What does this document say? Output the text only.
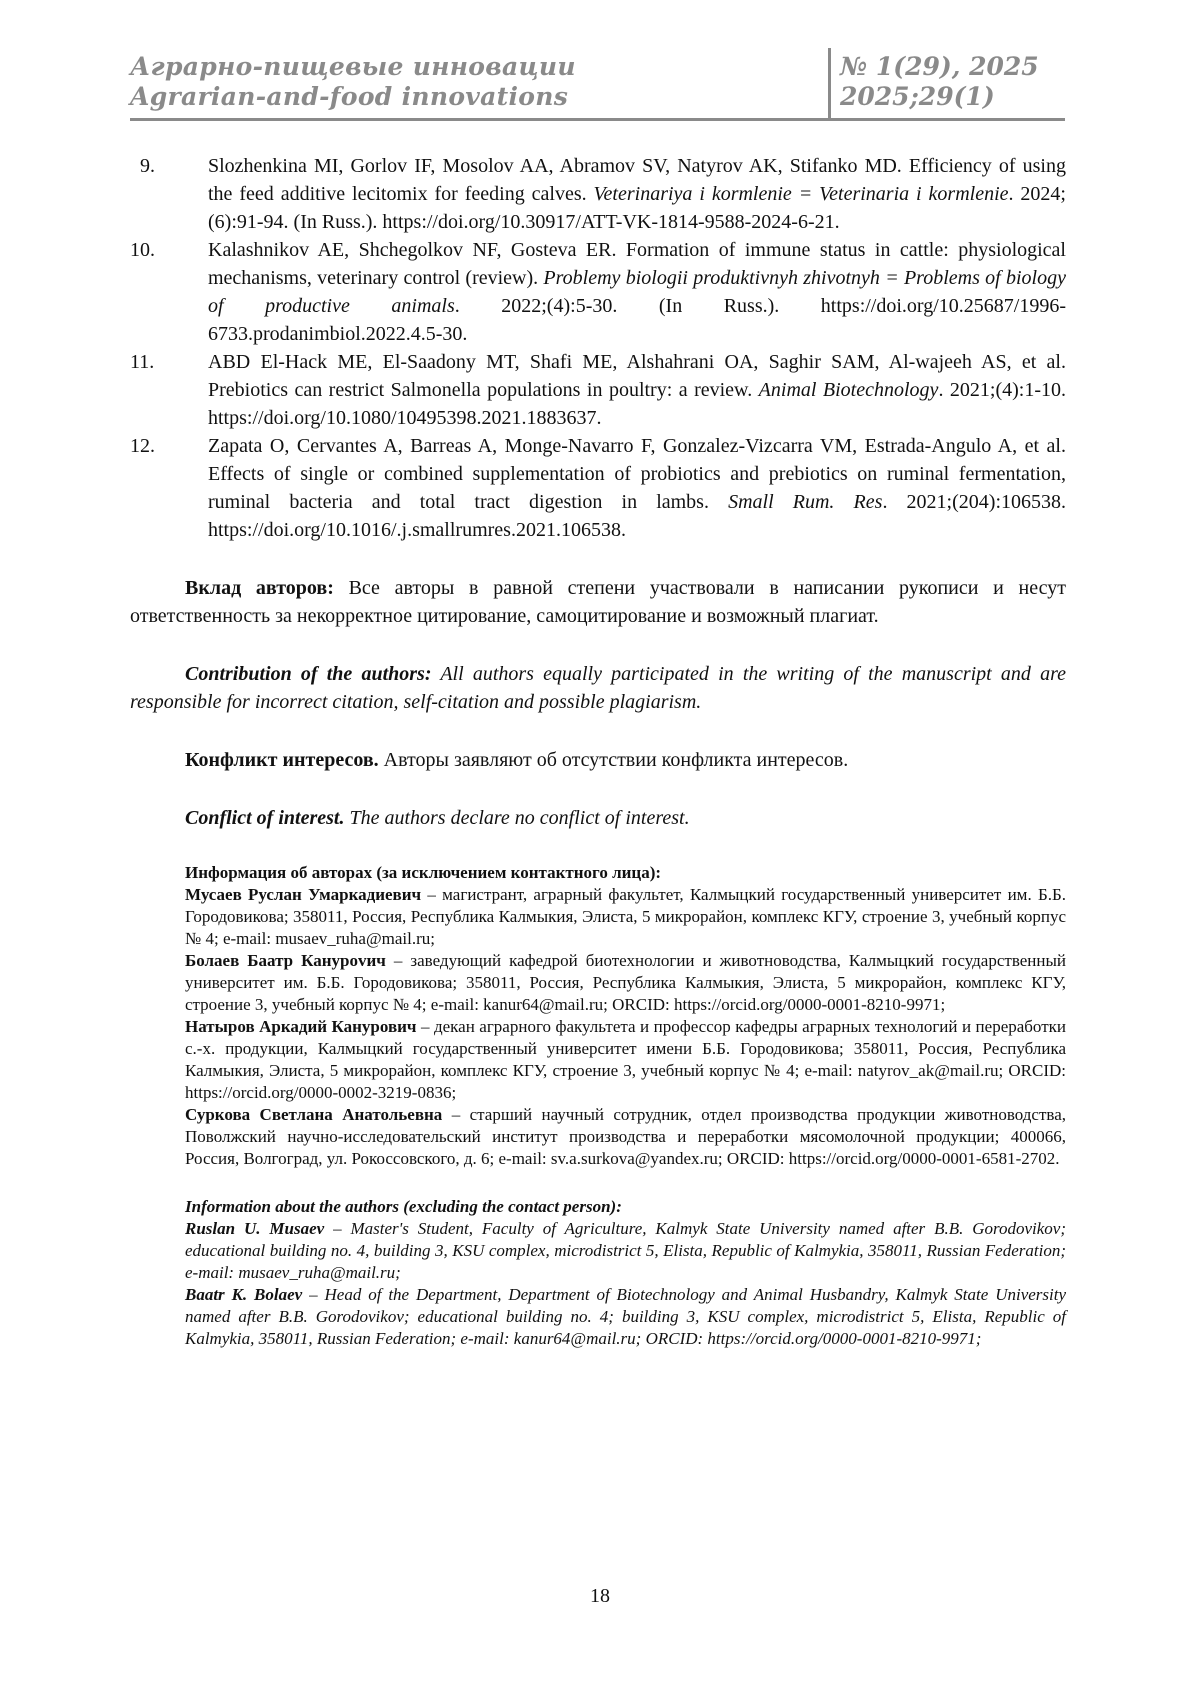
Аграрно-пищевые инновации
Agrarian-and-food innovations
№ 1(29), 2025
2025;29(1)
9.	Slozhenkina MI, Gorlov IF, Mosolov AA, Abramov SV, Natyrov AK, Stifanko MD. Efficiency of using the feed additive lecitomix for feeding calves. Veterinariya i kormlenie = Veterinaria i kormlenie. 2024;(6):91-94. (In Russ.). https://doi.org/10.30917/ATT-VK-1814-9588-2024-6-21.
10.	Kalashnikov AE, Shchegolkov NF, Gosteva ER. Formation of immune status in cattle: physiological mechanisms, veterinary control (review). Problemy biologii produktivnyh zhivotnyh = Problems of biology of productive animals. 2022;(4):5-30. (In Russ.). https://doi.org/10.25687/1996-6733.prodanimbiol.2022.4.5-30.
11.	ABD El-Hack ME, El-Saadony MT, Shafi ME, Alshahrani OA, Saghir SAM, Al-wajeeh AS, et al. Prebiotics can restrict Salmonella populations in poultry: a review. Animal Biotechnology. 2021;(4):1-10. https://doi.org/10.1080/10495398.2021.1883637.
12.	Zapata O, Cervantes A, Barreas A, Monge-Navarro F, Gonzalez-Vizcarra VM, Estrada-Angulo A, et al. Effects of single or combined supplementation of probiotics and prebiotics on ruminal fermentation, ruminal bacteria and total tract digestion in lambs. Small Rum. Res. 2021;(204):106538. https://doi.org/10.1016/.j.smallrumres.2021.106538.

Вклад авторов: Все авторы в равной степени участвовали в написании рукописи и несут ответственность за некорректное цитирование, самоцитирование и возможный плагиат.

Contribution of the authors: All authors equally participated in the writing of the manuscript and are responsible for incorrect citation, self-citation and possible plagiarism.

Конфликт интересов. Авторы заявляют об отсутствии конфликта интересов.

Conflict of interest. The authors declare no conflict of interest.

Информация об авторах (за исключением контактного лица):
Мусаев Руслан Умаркадиевич – магистрант, аграрный факультет, Калмыцкий государственный университет им. Б.Б. Городовикова; 358011, Россия, Республика Калмыкия, Элиста, 5 микрорайон, комплекс КГУ, строение 3, учебный корпус № 4; e-mail: musaev_ruha@mail.ru;
Болаев Баатр Кануроvич – заведующий кафедрой биотехнологии и животноводства, Калмыцкий государственный университет им. Б.Б. Городовикова; 358011, Россия, Республика Калмыкия, Элиста, 5 микрорайон, комплекс КГУ, строение 3, учебный корпус № 4; e-mail: kanur64@mail.ru; ORCID: https://orcid.org/0000-0001-8210-9971;
Натыров Аркадий Канурович – декан аграрного факультета и профессор кафедры аграрных технологий и переработки с.-х. продукции, Калмыцкий государственный университет имени Б.Б. Городовикова; 358011, Россия, Республика Калмыкия, Элиста, 5 микрорайон, комплекс КГУ, строение 3, учебный корпус № 4; e-mail: natyrov_ak@mail.ru; ORCID: https://orcid.org/0000-0002-3219-0836;
Суркова Светлана Анатольевна – старший научный сотрудник, отдел производства продукции животноводства, Поволжский научно-исследовательский институт производства и переработки мясомолочной продукции; 400066, Россия, Волгоград, ул. Рокоссовского, д. 6; e-mail: sv.a.surkova@yandex.ru; ORCID: https://orcid.org/0000-0001-6581-2702.
Information about the authors (excluding the contact person):
Ruslan U. Musaev – Master's Student, Faculty of Agriculture, Kalmyk State University named after B.B. Gorodovikov; educational building no. 4, building 3, KSU complex, microdistrict 5, Elista, Republic of Kalmykia, 358011, Russian Federation; e-mail: musaev_ruha@mail.ru;
Baatr K. Bolaev – Head of the Department, Department of Biotechnology and Animal Husbandry, Kalmyk State University named after B.B. Gorodovikov; educational building no. 4; building 3, KSU complex, microdistrict 5, Elista, Republic of Kalmykia, 358011, Russian Federation; e-mail: kanur64@mail.ru; ORCID: https://orcid.org/0000-0001-8210-9971;
18
